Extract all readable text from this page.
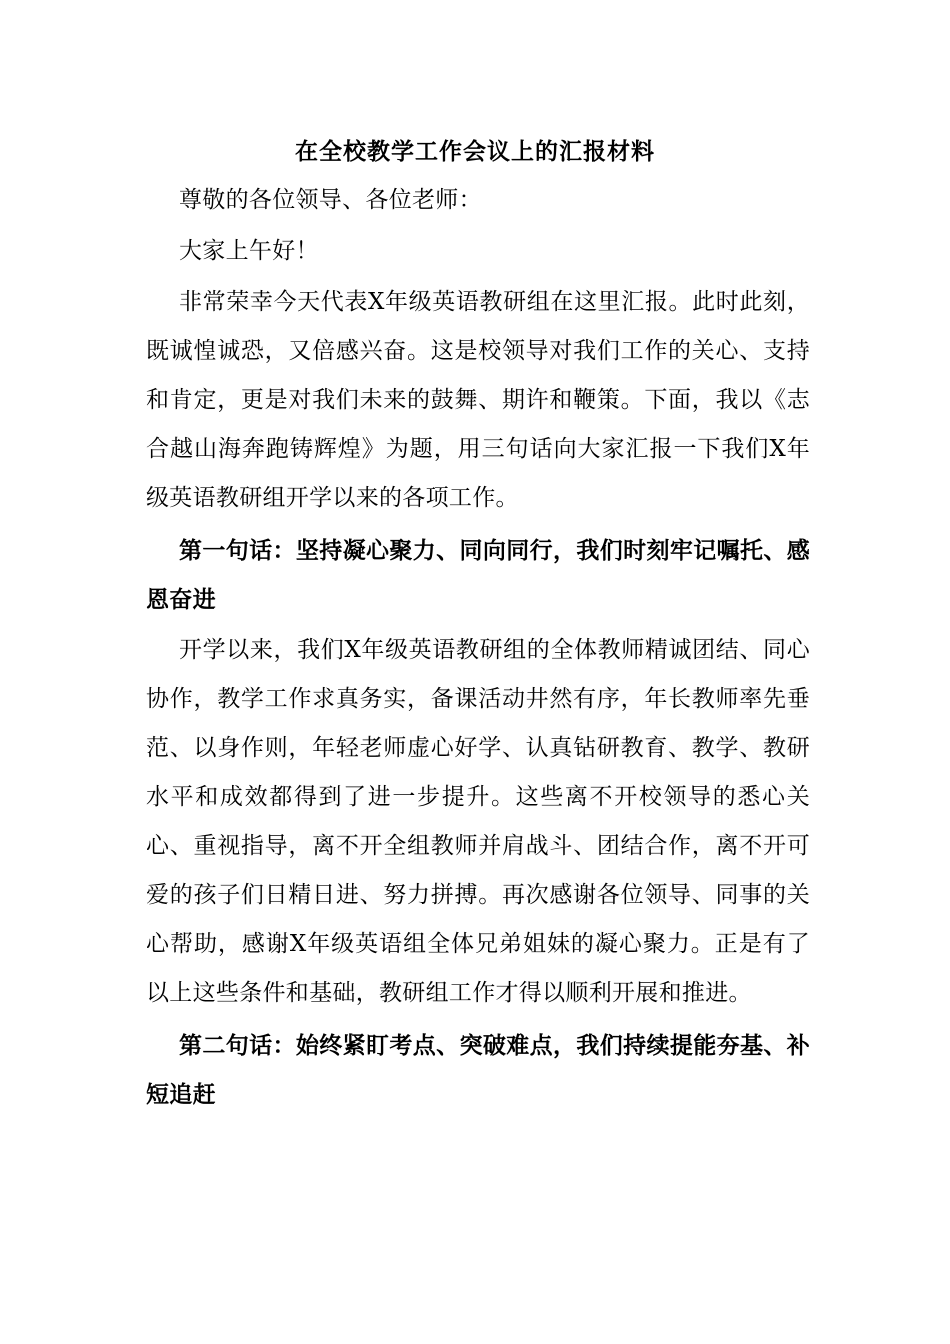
在全校教学工作会议上的汇报材料

尊敬的各位领导、各位老师：

大家上午好！

非常荣幸今天代表X年级英语教研组在这里汇报。此时此刻，既诚惶诚恐，又倍感兴奋。这是校领导对我们工作的关心、支持和肯定，更是对我们未来的鼓舞、期许和鞭策。下面，我以《志合越山海奔跑铸辉煌》为题，用三句话向大家汇报一下我们X年级英语教研组开学以来的各项工作。

第一句话：坚持凝心聚力、同向同行，我们时刻牢记嘱托、感恩奋进

开学以来，我们X年级英语教研组的全体教师精诚团结、同心协作，教学工作求真务实，备课活动井然有序，年长教师率先垂范、以身作则，年轻老师虚心好学、认真钻研教育、教学、教研水平和成效都得到了进一步提升。这些离不开校领导的悉心关心、重视指导，离不开全组教师并肩战斗、团结合作，离不开可爱的孩子们日精日进、努力拼搏。再次感谢各位领导、同事的关心帮助，感谢X年级英语组全体兄弟姐妹的凝心聚力。正是有了以上这些条件和基础，教研组工作才得以顺利开展和推进。

第二句话：始终紧盯考点、突破难点，我们持续提能夯基、补短追赶
